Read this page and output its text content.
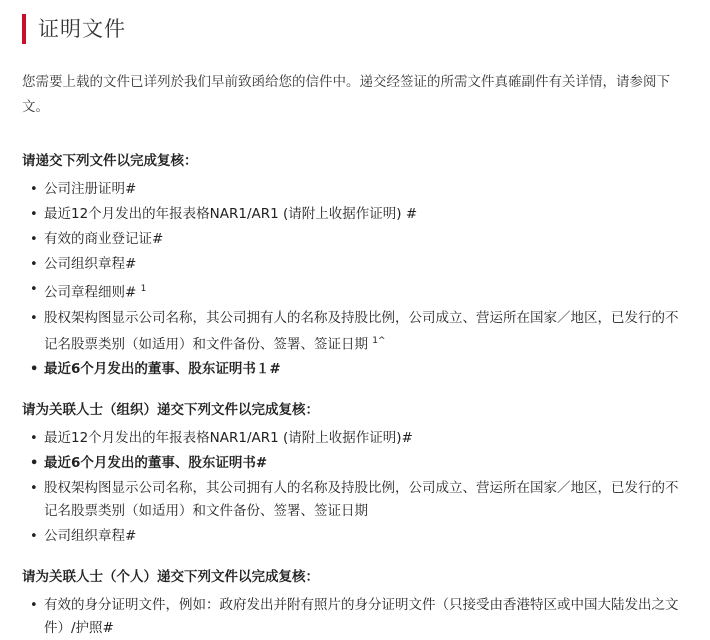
证明文件

您需要上载的文件已详列於我们早前致函给您的信件中。递交经签证的所需文件真確副件有关详情，请参阅下文。

请递交下列文件以完成复核：
• 公司注册证明#
• 最近12个月发出的年报表格NAR1/AR1 (请附上收据作证明) #
• 有效的商业登记证#
• 公司组织章程#
• 公司章程细则# $^1$
• 股权架构图显示公司名称，其公司拥有人的名称及持股比例，公司成立、营运所在国家／地区，已发行的不记名股票类别（如适用）和文件备份、签署、签证日期 $^{1\^{}}$
• 最近6个月发出的董事、股东证明书１#
请为关联人士（组织）递交下列文件以完成复核：
• 最近12个月发出的年报表格NAR1/AR1 (请附上收据作证明)#
• 最近6个月发出的董事、股东证明书#
• 股权架构图显示公司名称，其公司拥有人的名称及持股比例，公司成立、营运所在国家／地区，已发行的不记名股票类别（如适用）和文件备份、签署、签证日期
• 公司组织章程#
请为关联人士（个人）递交下列文件以完成复核：
• 有效的身分证明文件，例如：政府发出并附有照片的身分证明文件（只接受由香港特区或中国大陆发出之文件）/护照#
